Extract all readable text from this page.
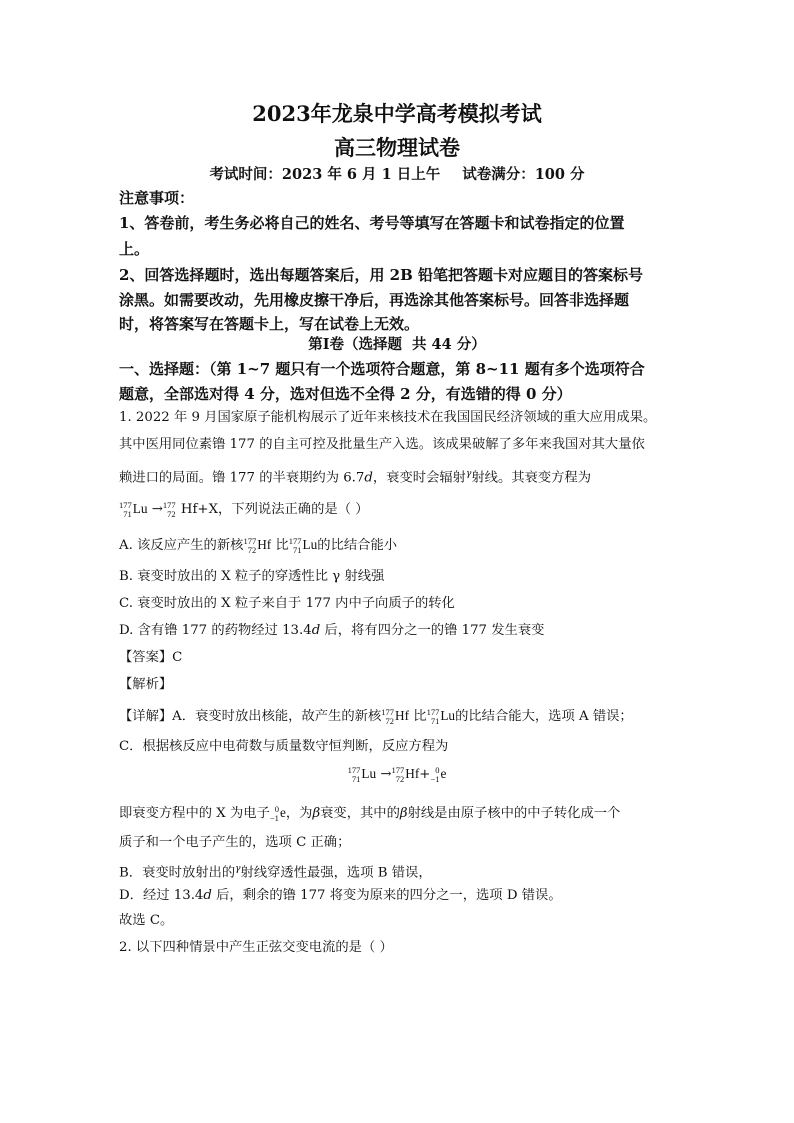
2023年龙泉中学高考模拟考试
高三物理试卷
考试时间：2023 年 6 月 1 日上午 试卷满分：100 分
注意事项：
1、答卷前，考生务必将自己的姓名、考号等填写在答题卡和试卷指定的位置
上。
2、回答选择题时，选出每题答案后，用 2B 铅笔把答题卡对应题目的答案标号
涂黑。如需要改动，先用橡皮擦干净后，再选涂其他答案标号。回答非选择题
时，将答案写在答题卡上，写在试卷上无效。
第Ⅰ卷（选择题 共 44 分）
一、选择题：（第 1~7 题只有一个选项符合题意，第 8~11 题有多个选项符合
题意，全部选对得 4 分，选对但选不全得 2 分，有选错的得 0 分）
1. 2022 年 9 月国家原子能机构展示了近年来核技术在我国国民经济领域的重大应用成果。
其中医用同位素镥 177 的自主可控及批量生产入选。该成果破解了多年来我国对其大量依
赖进口的局面。镥 177 的半衰期约为 6.7d，衰变时会辐射$^\gamma$射线。其衰变方程为
177
71 Lu → 177
72 Hf+X，下列说法正确的是（ ）
A. 该反应产生的新核 177
72 Hf 比 177
71 Lu的比结合能小
B. 衰变时放出的 X 粒子的穿透性比 γ 射线强
C. 衰变时放出的 X 粒子来自于 177 内中子向质子的转化
D. 含有镥 177 的药物经过 13.4d 后，将有四分之一的镥 177 发生衰变
【答案】C
【解析】
【详解】A．衰变时放出核能，故产生的新核 177
72 Hf 比 177
71 Lu的比结合能大，选项 A 错误；
C．根据核反应中电荷数与质量数守恒判断，反应方程为
177
71 Lu → 177
72 Hf+ 0
−1 e
即衰变方程中的 X 为电子 0
−1 e，为β衰变，其中的β射线是由原子核中的中子转化成一个
质子和一个电子产生的，选项 C 正确；
B．衰变时放射出的$^\gamma$射线穿透性最强，选项 B 错误，
D．经过 13.4d 后，剩余的镥 177 将变为原来的四分之一，选项 D 错误。
故选 C。
2. 以下四种情景中产生正弦交变电流的是（ ）
